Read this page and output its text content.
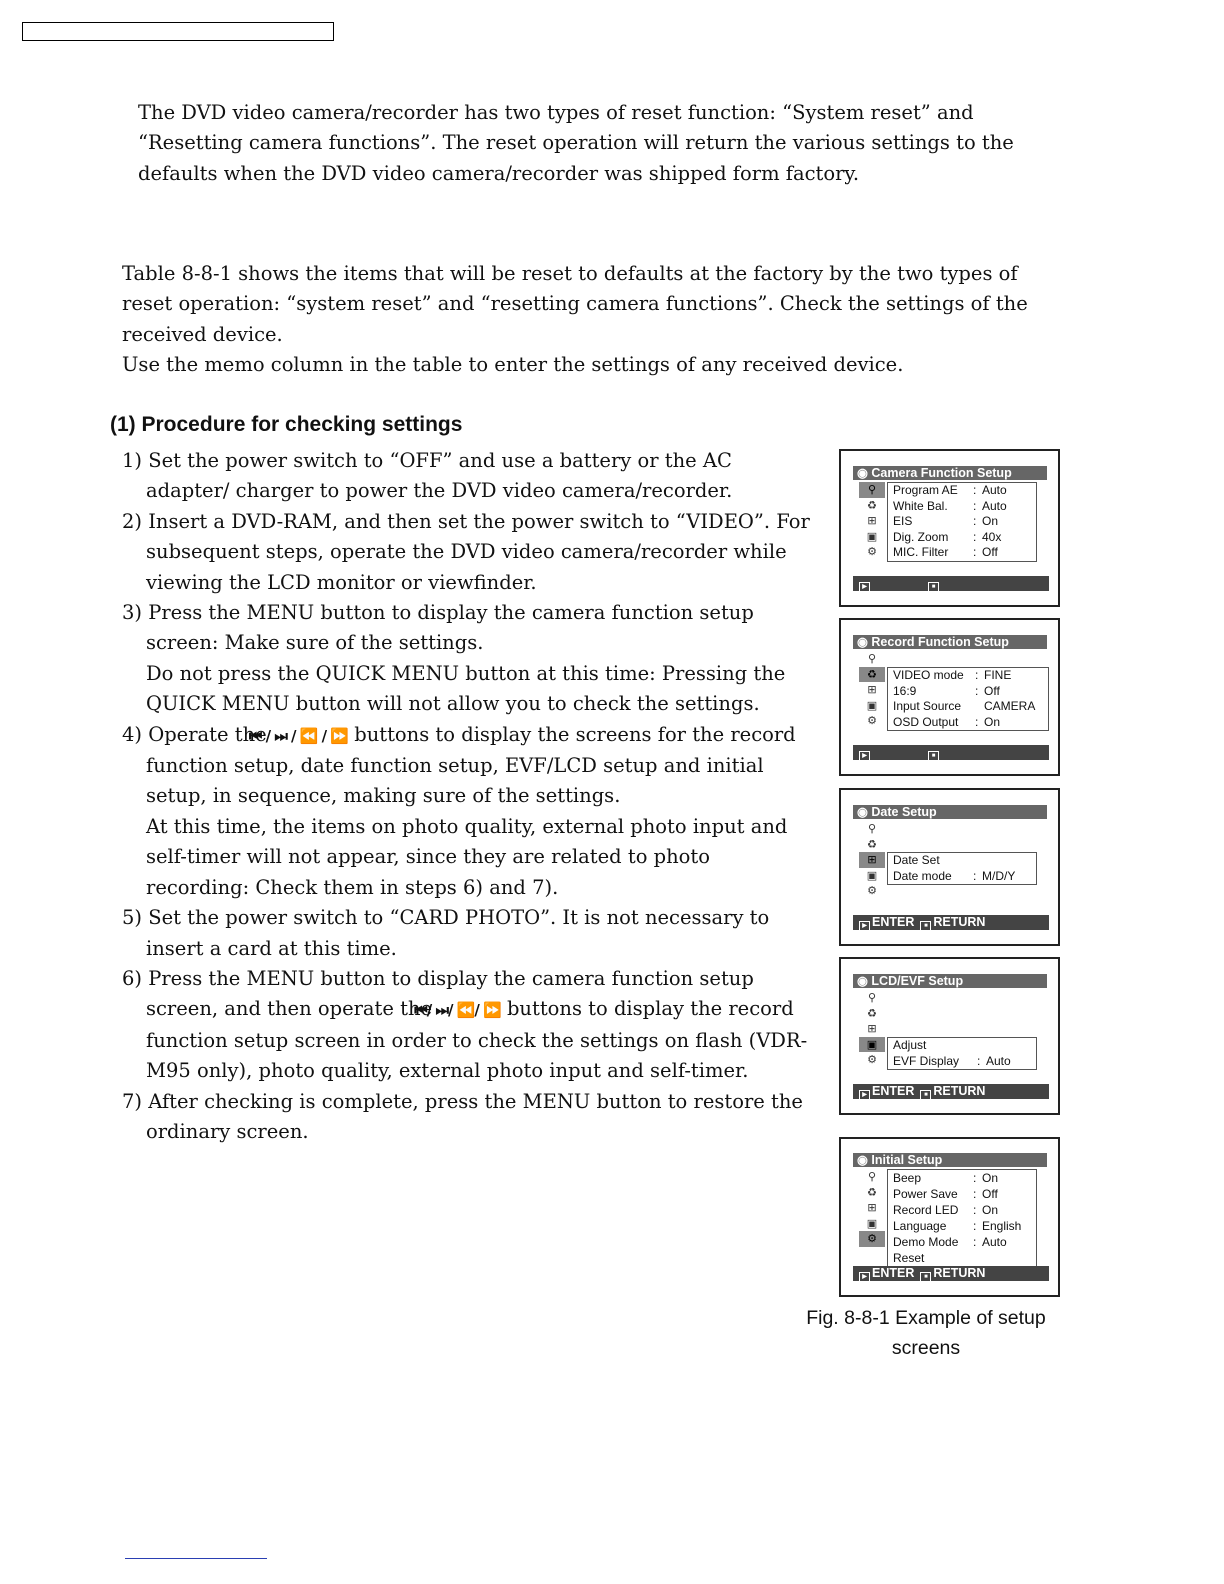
The DVD video camera/recorder has two types of reset function: “System reset” and “Resetting camera functions”. The reset operation will return the various settings to the defaults when the DVD video camera/recorder was shipped form factory.

Table 8-8-1 shows the items that will be reset to defaults at the factory by the two types of reset operation: “system reset” and “resetting camera functions”. Check the settings of the received device.

Use the memo column in the table to enter the settings of any received device.

(1) Procedure for checking settings
1) Set the power switch to “OFF” and use a battery or the AC adapter/ charger to power the DVD video camera/recorder.
2) Insert a DVD-RAM, and then set the power switch to “VIDEO”. For subsequent steps, operate the DVD video camera/recorder while viewing the LCD monitor or viewfinder.
3) Press the MENU button to display the camera function setup screen: Make sure of the settings.
Do not press the QUICK MENU button at this time: Pressing the QUICK MENU button will not allow you to check the settings.
4) Operate the ⏮ / ⏭ / ⏪ / ⏩ buttons to display the screens for the record function setup, date function setup, EVF/LCD setup and initial setup, in sequence, making sure of the settings.
At this time, the items on photo quality, external photo input and self-timer will not appear, since they are related to photo recording: Check them in steps 6) and 7).
5) Set the power switch to “CARD PHOTO”. It is not necessary to insert a card at this time.
6) Press the MENU button to display the camera function setup screen, and then operate the ⏮/ ⏭/ ⏪/ ⏩ buttons to display the record function setup screen in order to check the settings on flash (VDR-M95 only), photo quality, external photo input and self-timer.
7) After checking is complete, press the MENU button to restore the ordinary screen.
◉ Camera Function Setup
⚲
♻
⊞
▣
⚙
Program AE	: Auto
White Bal.	: Auto
EIS	: On
Dig. Zoom	: 40x
MIC. Filter	: Off
▶	■
◉ Record Function Setup
⚲
♻
⊞
▣
⚙
VIDEO mode : FINE
16:9	: Off
Input Source	CAMERA
OSD Output	: On
▶	■
◉ Date Setup
⚲
♻
⊞
▣
⚙
Date Set
Date mode	: M/D/Y
▶ ENTER ■ RETURN
◉ LCD/EVF Setup
⚲
♻
⊞
▣
⚙
Adjust
EVF Display	: Auto
▶ ENTER ■ RETURN
◉ Initial Setup
⚲
♻
⊞
▣
⚙
Beep	: On
Power Save	: Off
Record LED	: On
Language	: English
Demo Mode	: Auto
Reset
▶ ENTER ■ RETURN
Fig. 8-8-1 Example of setup screens
